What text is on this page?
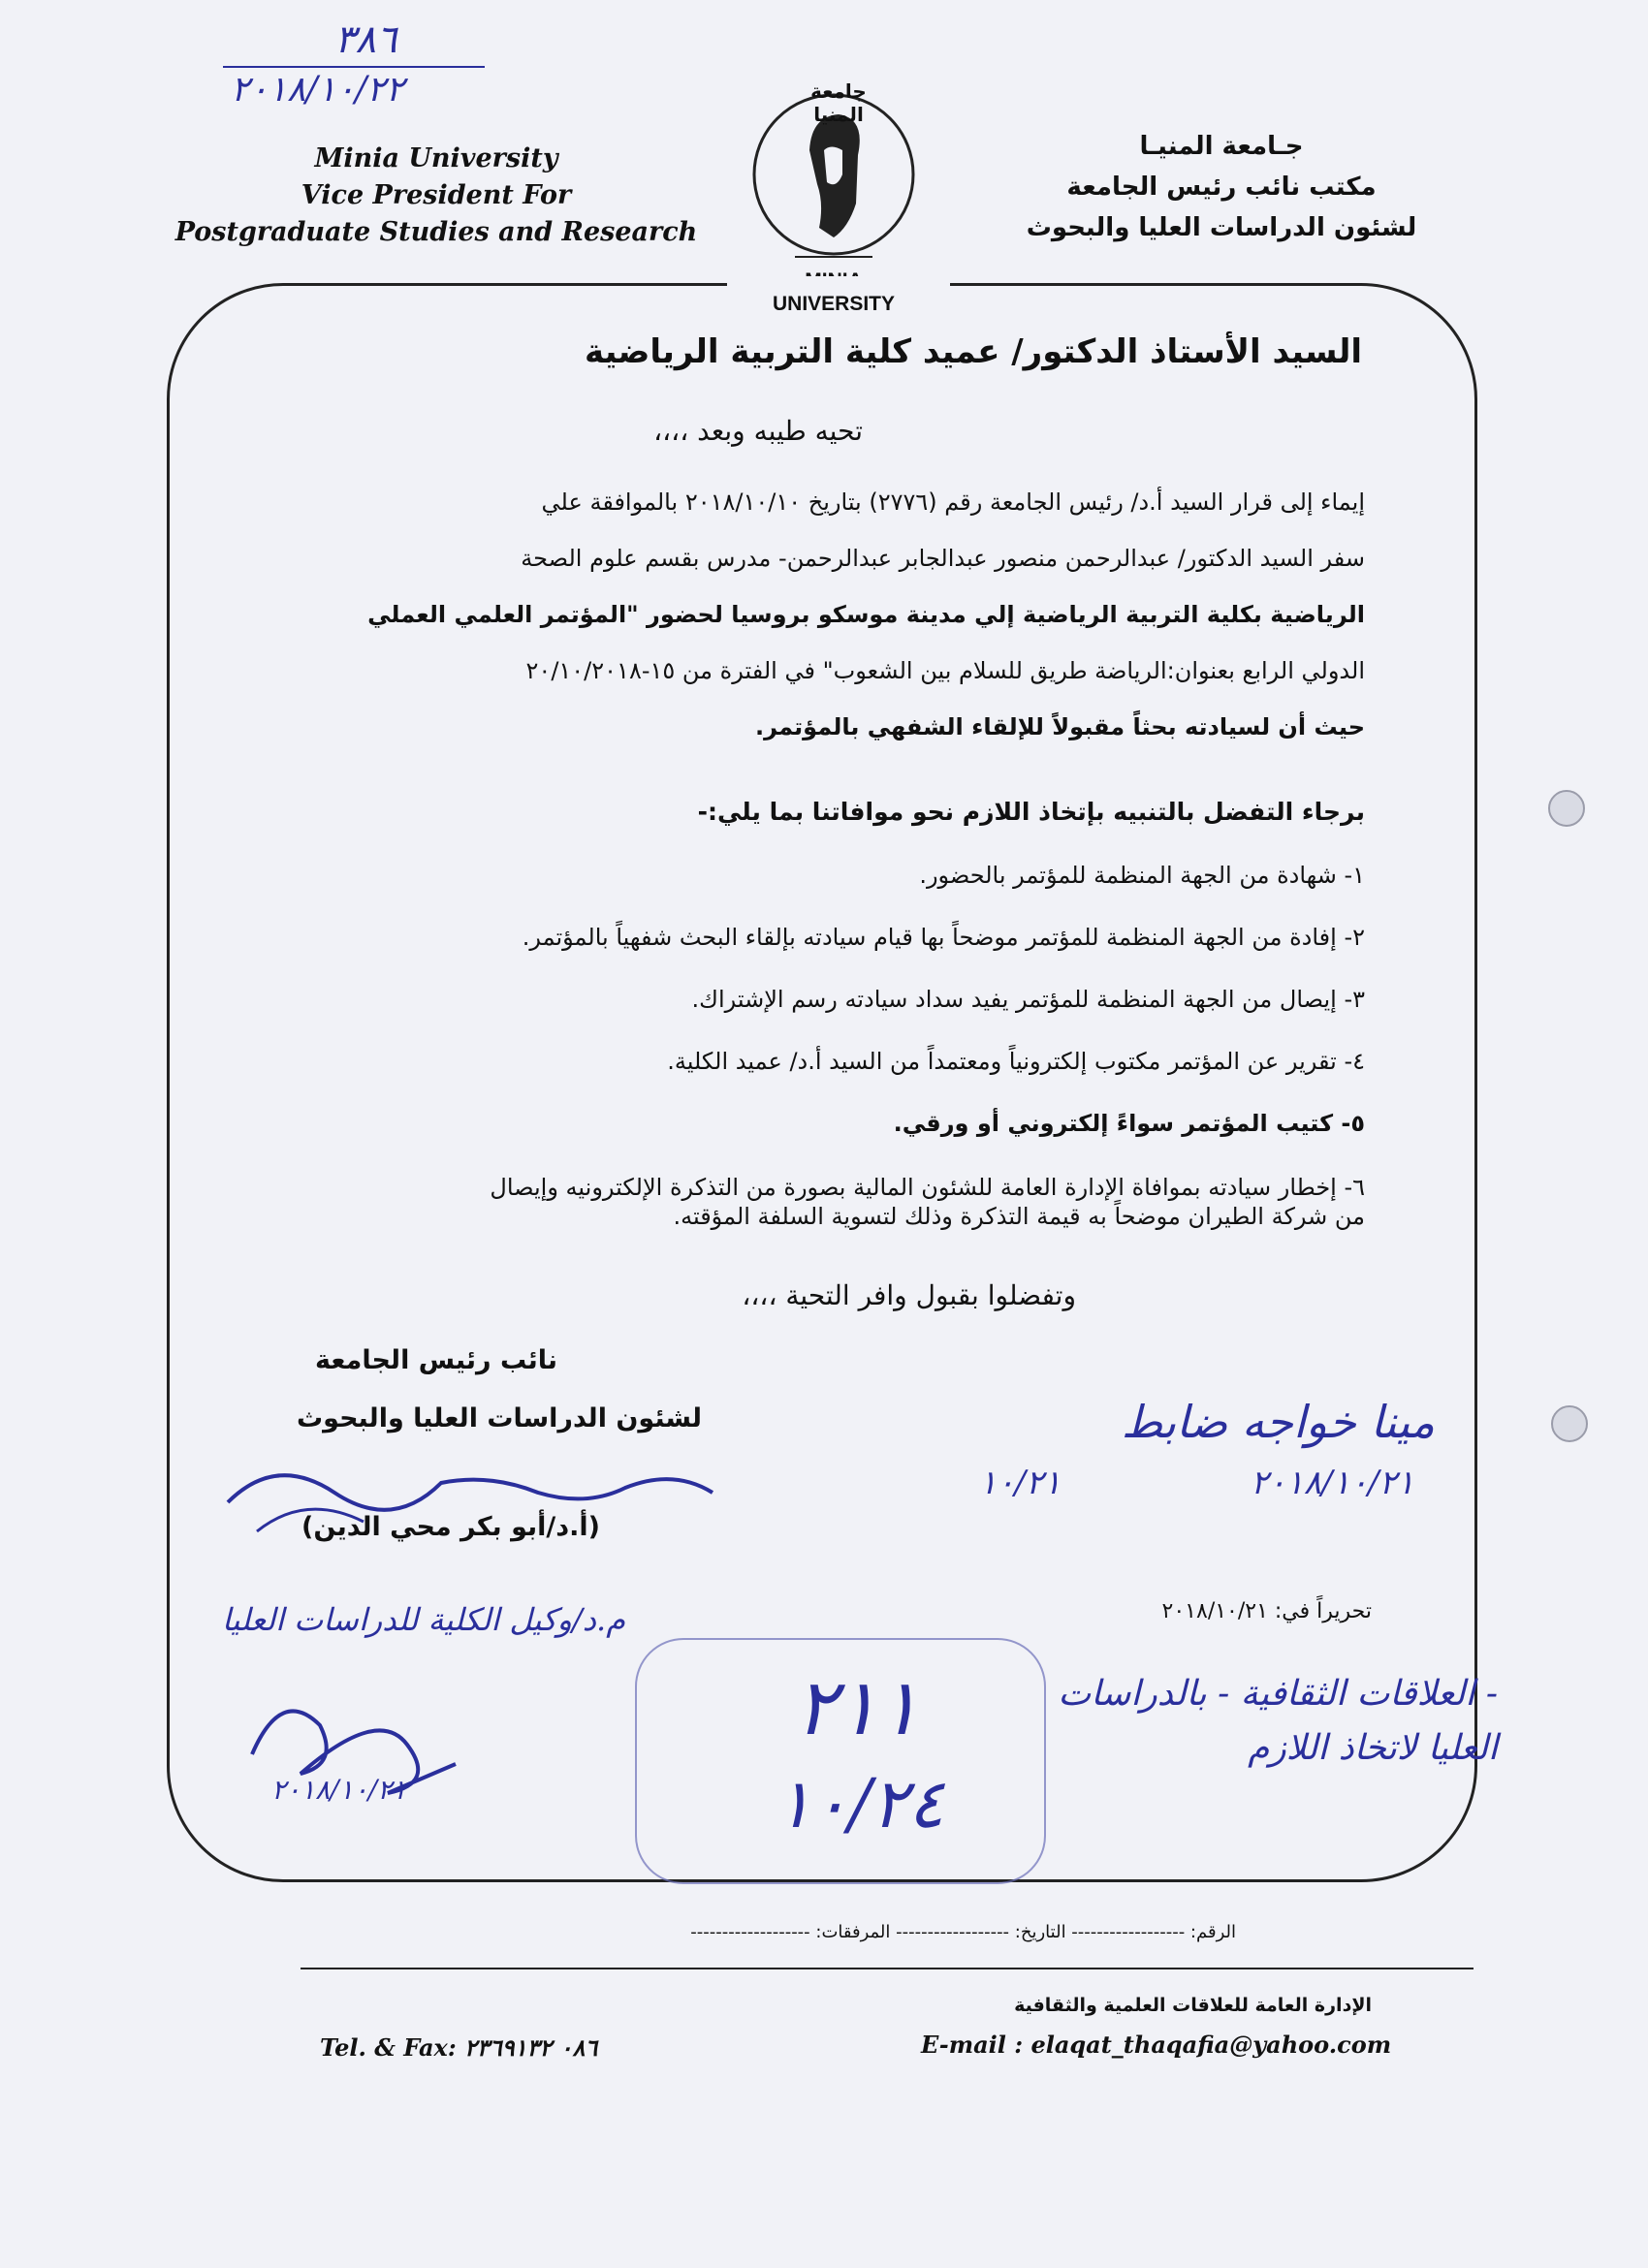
٣٨٦
٢٠١٨/١٠/٢٢
Minia University
Vice President For
Postgraduate Studies and Research
جامعة المنيا
UNIVERSITY
جـامعة المنيـا
مكتب نائب رئيس الجامعة
لشئون الدراسات العليا والبحوث
السيد الأستاذ الدكتور/ عميد كلية التربية الرياضية
تحيه طيبه وبعد ،،،،
إيماء إلى قرار السيد أ.د/ رئيس الجامعة رقم (٢٧٧٦) بتاريخ ٢٠١٨/١٠/١٠ بالموافقة علي
سفر السيد الدكتور/ عبدالرحمن منصور عبدالجابر عبدالرحمن- مدرس بقسم علوم الصحة
الرياضية بكلية التربية الرياضية إلي مدينة موسكو بروسيا لحضور "المؤتمر العلمي العملي
الدولي الرابع بعنوان:الرياضة طريق للسلام بين الشعوب" في الفترة من ١٥-٢٠/١٠/٢٠١٨
حيث أن لسيادته بحثاً مقبولاً للإلقاء الشفهي بالمؤتمر.
برجاء التفضل بالتنبيه بإتخاذ اللازم نحو موافاتنا بما يلي:-
١- شهادة من الجهة المنظمة للمؤتمر بالحضور.
٢- إفادة من الجهة المنظمة للمؤتمر موضحاً بها قيام سيادته بإلقاء البحث شفهياً بالمؤتمر.
٣- إيصال من الجهة المنظمة للمؤتمر يفيد سداد سيادته رسم الإشتراك.
٤- تقرير عن المؤتمر مكتوب إلكترونياً ومعتمداً من السيد أ.د/ عميد الكلية.
٥- كتيب المؤتمر سواءً إلكتروني أو ورقي.
٦- إخطار سيادته بموافاة الإدارة العامة للشئون المالية بصورة من التذكرة الإلكترونيه وإيصال
من شركة الطيران موضحاً به قيمة التذكرة وذلك لتسوية السلفة المؤقته.
وتفضلوا بقبول وافر التحية ،،،،
نائب رئيس الجامعة
لشئون الدراسات العليا والبحوث
(أ.د/أبو بكر محي الدين)
تحريراً في: ٢٠١٨/١٠/٢١
مينا خواجه ضابط
١٠/٢١	٢٠١٨/١٠/٢١
م.د/وكيل الكلية للدراسات العليا
٢٠١٨/١٠/٢١
٢١١
١٠/٢٤
- العلاقات الثقافية - بالدراسات العليا لاتخاذ اللازم
الرقم: ------------------ التاريخ: ------------------ المرفقات: -------------------
الإدارة العامة للعلاقات العلمية والثقافية
E-mail : elaqat_thaqafia@yahoo.com
Tel. & Fax: ٠٨٦ ٢٣٦٩١٣٢
